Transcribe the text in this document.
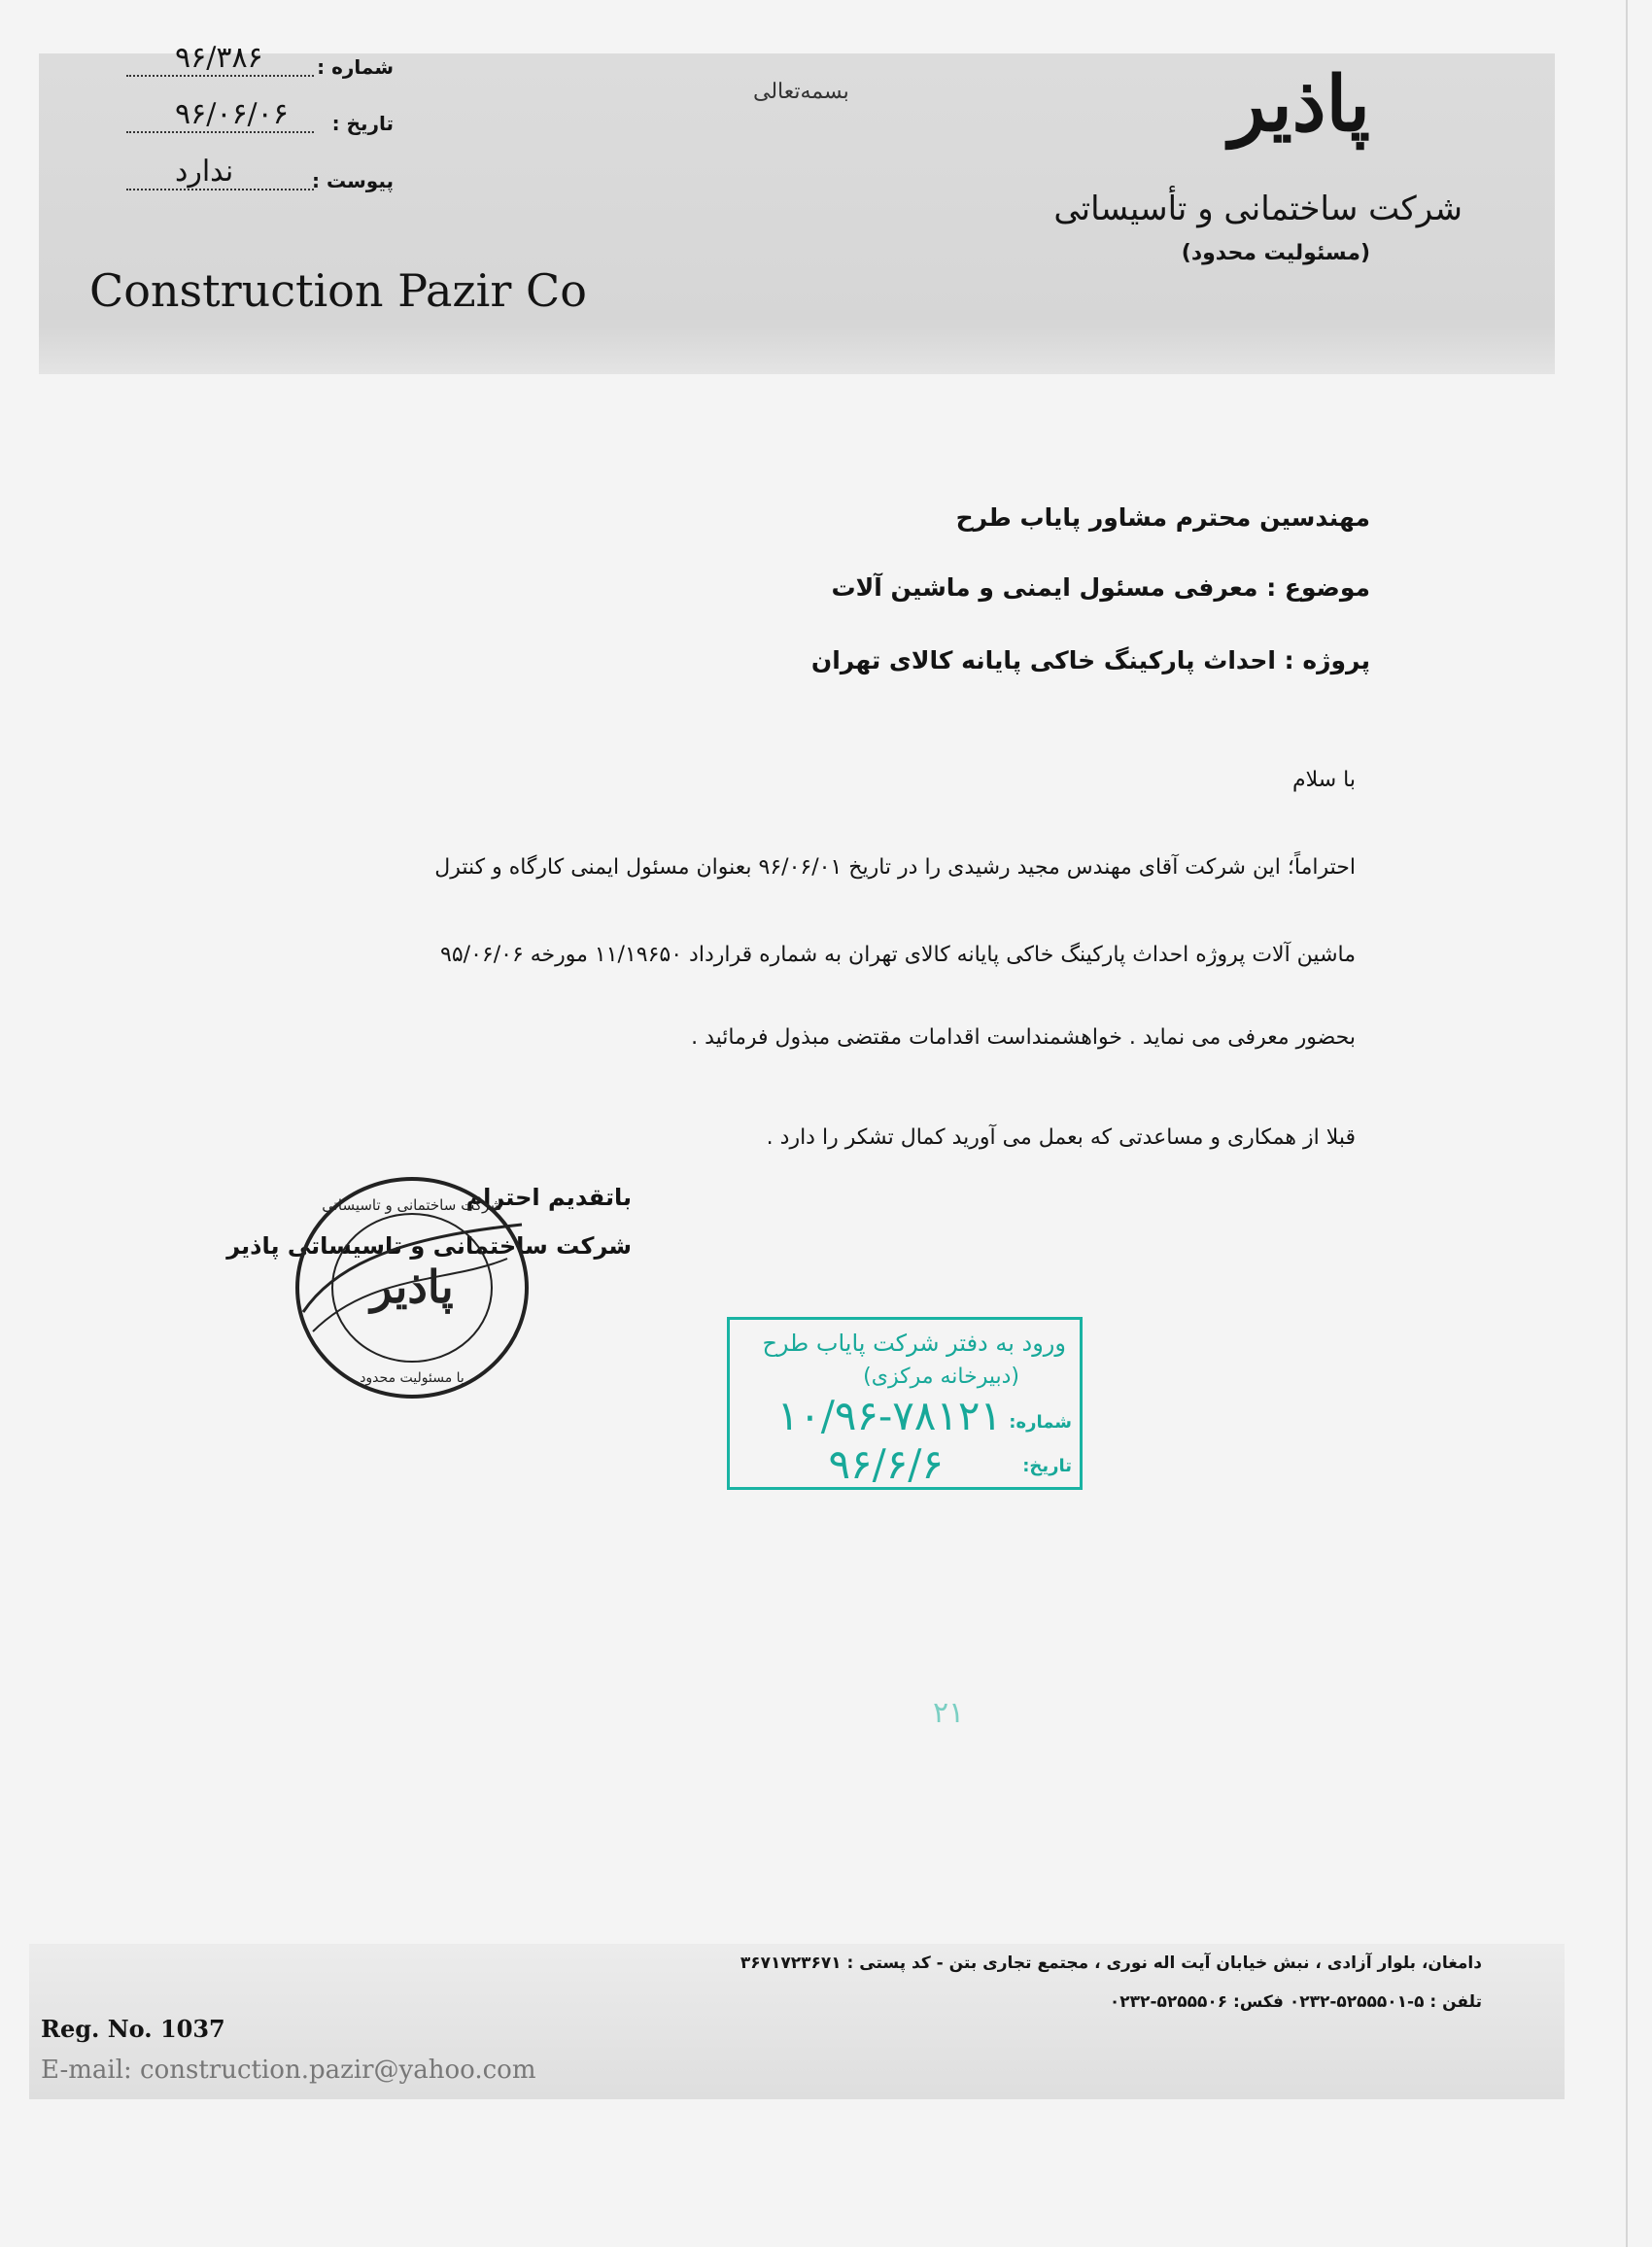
شماره :
۹۶/۳۸۶
تاریخ :
۹۶/۰۶/۰۶
پیوست :
ندارد
بسمه‌تعالی	پاذیر
شرکت ساختمانی و تأسیساتی
(مسئولیت محدود)
Construction Pazir Co
مهندسین محترم مشاور پایاب طرح
موضوع : معرفی مسئول ایمنی و ماشین آلات
پروژه : احداث پارکینگ خاکی پایانه کالای تهران
با سلام
احتراماً؛ این شرکت آقای مهندس مجید رشیدی را در تاریخ ۹۶/۰۶/۰۱ بعنوان مسئول ایمنی کارگاه و کنترل
ماشین آلات پروژه احداث پارکینگ خاکی پایانه کالای تهران به شماره قرارداد ۱۱/۱۹۶۵۰ مورخه ۹۵/۰۶/۰۶
بحضور معرفی می نماید . خواهشمنداست اقدامات مقتضی مبذول فرمائید .
قبلا از همکاری و مساعدتی که بعمل می آورید کمال تشکر را دارد .
باتقدیم احترام
شرکت ساختمانی و تاسیساتی پاذیر
پاذیر
شرکت ساختمانی و تاسیساتی
با مسئولیت محدود
ورود به دفتر شرکت پایاب طرح
(دبیرخانه مرکزی)
شماره:
۱۰/۹۶-۷۸۱۲۱
تاریخ:
۹۶/۶/۶
۲۱
دامغان، بلوار آزادی ، نبش خیابان آیت اله نوری ، مجتمع تجاری بتن - کد پستی : ۳۶۷۱۷۲۳۶۷۱
تلفن : ۵-۵۲۵۵۵۰۱-۰۲۳۲ فکس: ۵۲۵۵۵۰۶-۰۲۳۲
Reg. No. 1037
E-mail: construction.pazir@yahoo.com
